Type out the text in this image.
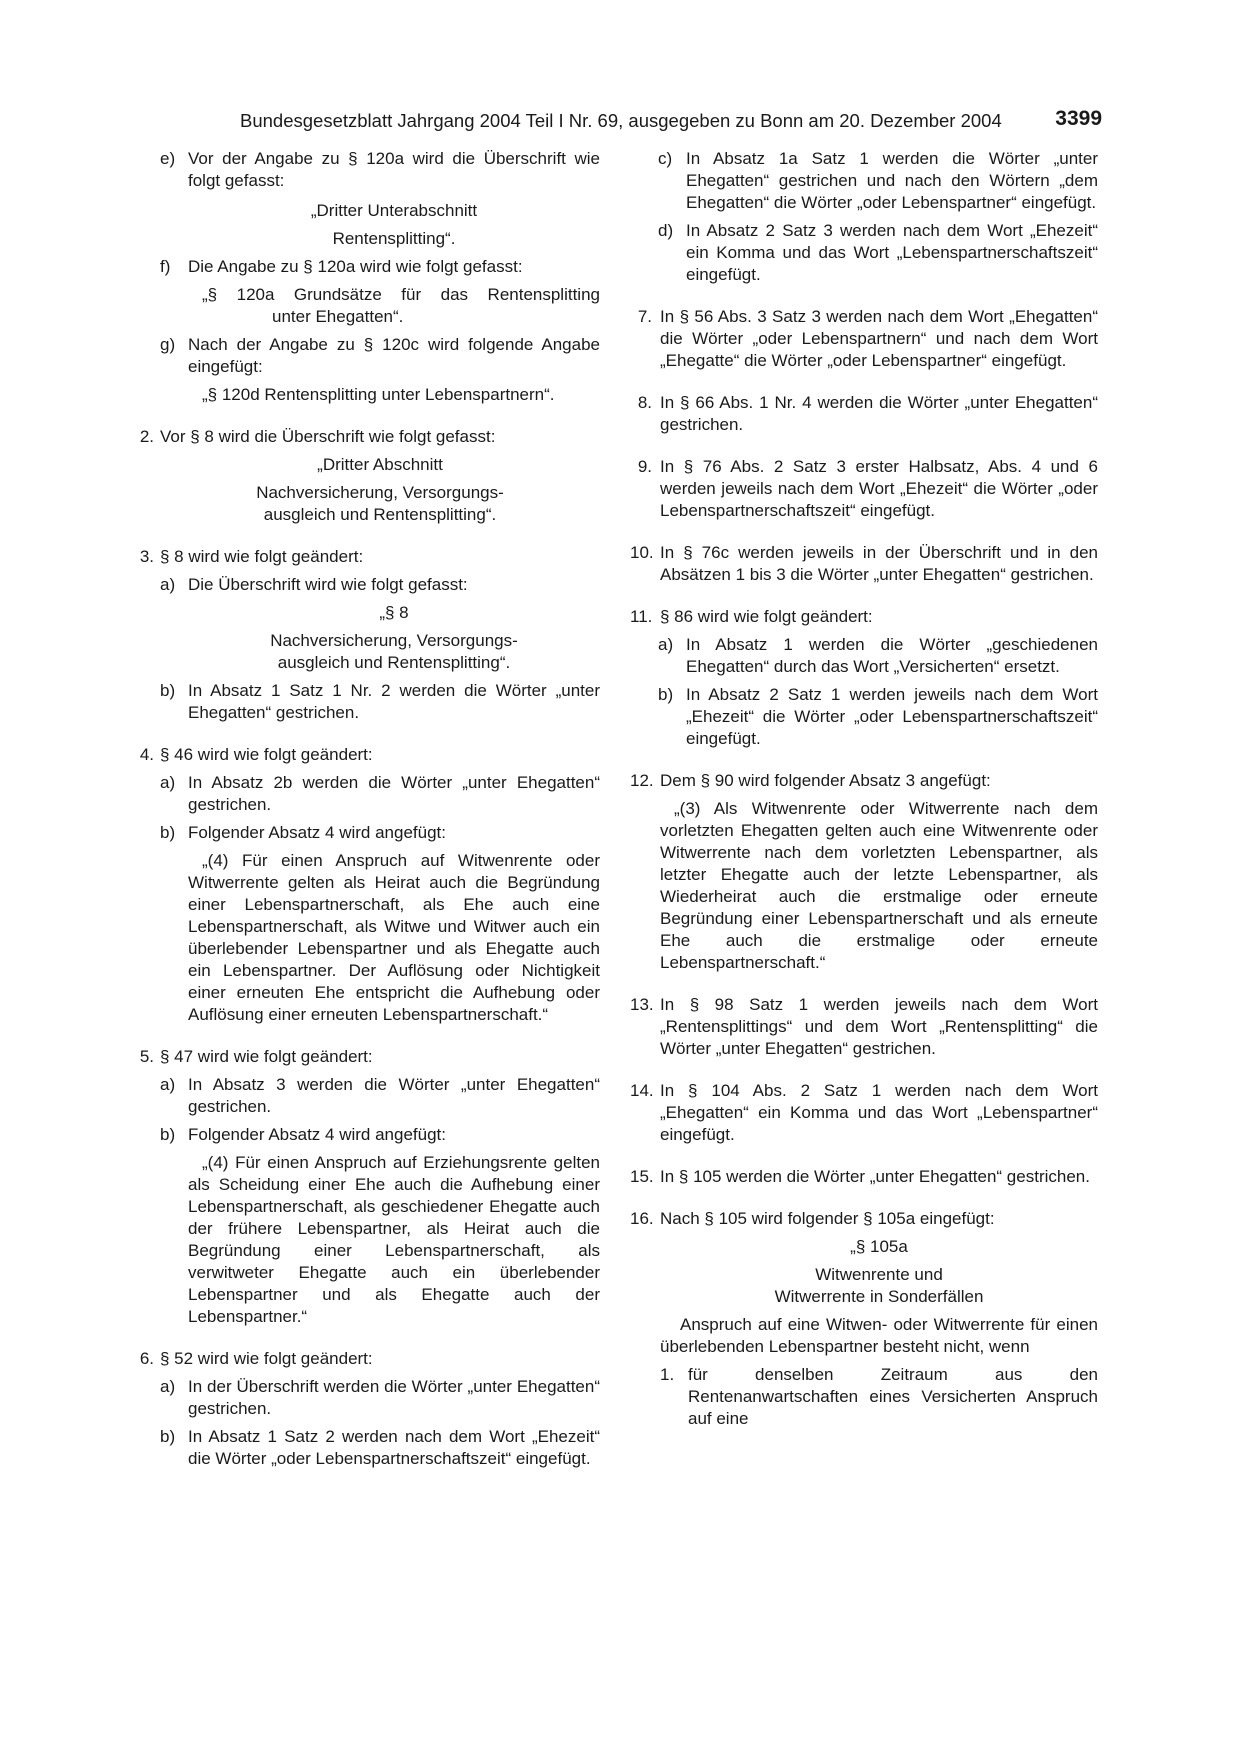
Bundesgesetzblatt Jahrgang 2004 Teil I Nr. 69, ausgegeben zu Bonn am 20. Dezember 2004	3399
e) Vor der Angabe zu § 120a wird die Überschrift wie folgt gefasst:
„Dritter Unterabschnitt
Rentensplitting“.
f)	Die Angabe zu § 120a wird wie folgt gefasst:
„§ 120a Grundsätze für das Rentensplitting
unter Ehegatten“.
g) Nach der Angabe zu § 120c wird folgende Angabe eingefügt:
„§ 120d Rentensplitting unter Lebenspartnern“.
2. Vor § 8 wird die Überschrift wie folgt gefasst:
„Dritter Abschnitt
Nachversicherung, Versorgungs-
ausgleich und Rentensplitting“.
3. § 8 wird wie folgt geändert:
a) Die Überschrift wird wie folgt gefasst:
„§ 8
Nachversicherung, Versorgungs-
ausgleich und Rentensplitting“.
b) In Absatz 1 Satz 1 Nr. 2 werden die Wörter „unter Ehegatten“ gestrichen.
4. § 46 wird wie folgt geändert:
a) In Absatz 2b werden die Wörter „unter Ehegatten“ gestrichen.
b) Folgender Absatz 4 wird angefügt:

„(4) Für einen Anspruch auf Witwenrente oder Witwerrente gelten als Heirat auch die Begründung einer Lebenspartnerschaft, als Ehe auch eine Lebenspartnerschaft, als Witwe und Witwer auch ein überlebender Lebenspartner und als Ehegatte auch ein Lebenspartner. Der Auflösung oder Nichtigkeit einer erneuten Ehe entspricht die Aufhebung oder Auflösung einer erneuten Lebenspartnerschaft.“

5. § 47 wird wie folgt geändert:
a) In Absatz 3 werden die Wörter „unter Ehegatten“ gestrichen.
b) Folgender Absatz 4 wird angefügt:

„(4) Für einen Anspruch auf Erziehungsrente gelten als Scheidung einer Ehe auch die Aufhebung einer Lebenspartnerschaft, als geschiedener Ehegatte auch der frühere Lebenspartner, als Heirat auch die Begründung einer Lebenspartnerschaft, als verwitweter Ehegatte auch ein überlebender Lebenspartner und als Ehegatte auch der Lebenspartner.“

6. § 52 wird wie folgt geändert:
a) In der Überschrift werden die Wörter „unter Ehegatten“ gestrichen.
b) In Absatz 1 Satz 2 werden nach dem Wort „Ehezeit“ die Wörter „oder Lebenspartnerschaftszeit“ eingefügt.
c) In Absatz 1a Satz 1 werden die Wörter „unter Ehegatten“ gestrichen und nach den Wörtern „dem Ehegatten“ die Wörter „oder Lebenspartner“ eingefügt.
d) In Absatz 2 Satz 3 werden nach dem Wort „Ehezeit“ ein Komma und das Wort „Lebenspartnerschaftszeit“ eingefügt.
7. In § 56 Abs. 3 Satz 3 werden nach dem Wort „Ehegatten“ die Wörter „oder Lebenspartnern“ und nach dem Wort „Ehegatte“ die Wörter „oder Lebenspartner“ eingefügt.
8. In § 66 Abs. 1 Nr. 4 werden die Wörter „unter Ehegatten“ gestrichen.
9. In § 76 Abs. 2 Satz 3 erster Halbsatz, Abs. 4 und 6 werden jeweils nach dem Wort „Ehezeit“ die Wörter „oder Lebenspartnerschaftszeit“ eingefügt.
10. In § 76c werden jeweils in der Überschrift und in den Absätzen 1 bis 3 die Wörter „unter Ehegatten“ gestrichen.
11. § 86 wird wie folgt geändert:
a) In Absatz 1 werden die Wörter „geschiedenen Ehegatten“ durch das Wort „Versicherten“ ersetzt.
b) In Absatz 2 Satz 1 werden jeweils nach dem Wort „Ehezeit“ die Wörter „oder Lebenspartnerschaftszeit“ eingefügt.
12. Dem § 90 wird folgender Absatz 3 angefügt:

„(3) Als Witwenrente oder Witwerrente nach dem vorletzten Ehegatten gelten auch eine Witwenrente oder Witwerrente nach dem vorletzten Lebenspartner, als letzter Ehegatte auch der letzte Lebenspartner, als Wiederheirat auch die erstmalige oder erneute Begründung einer Lebenspartnerschaft und als erneute Ehe auch die erstmalige oder erneute Lebenspartnerschaft.“

13. In § 98 Satz 1 werden jeweils nach dem Wort „Rentensplittings“ und dem Wort „Rentensplitting“ die Wörter „unter Ehegatten“ gestrichen.
14. In § 104 Abs. 2 Satz 1 werden nach dem Wort „Ehegatten“ ein Komma und das Wort „Lebenspartner“ eingefügt.
15. In § 105 werden die Wörter „unter Ehegatten“ gestrichen.
16. Nach § 105 wird folgender § 105a eingefügt:
„§ 105a
Witwenrente und
Witwerrente in Sonderfällen

Anspruch auf eine Witwen- oder Witwerrente für einen überlebenden Lebenspartner besteht nicht, wenn

1. für denselben Zeitraum aus den Rentenanwartschaften eines Versicherten Anspruch auf eine
